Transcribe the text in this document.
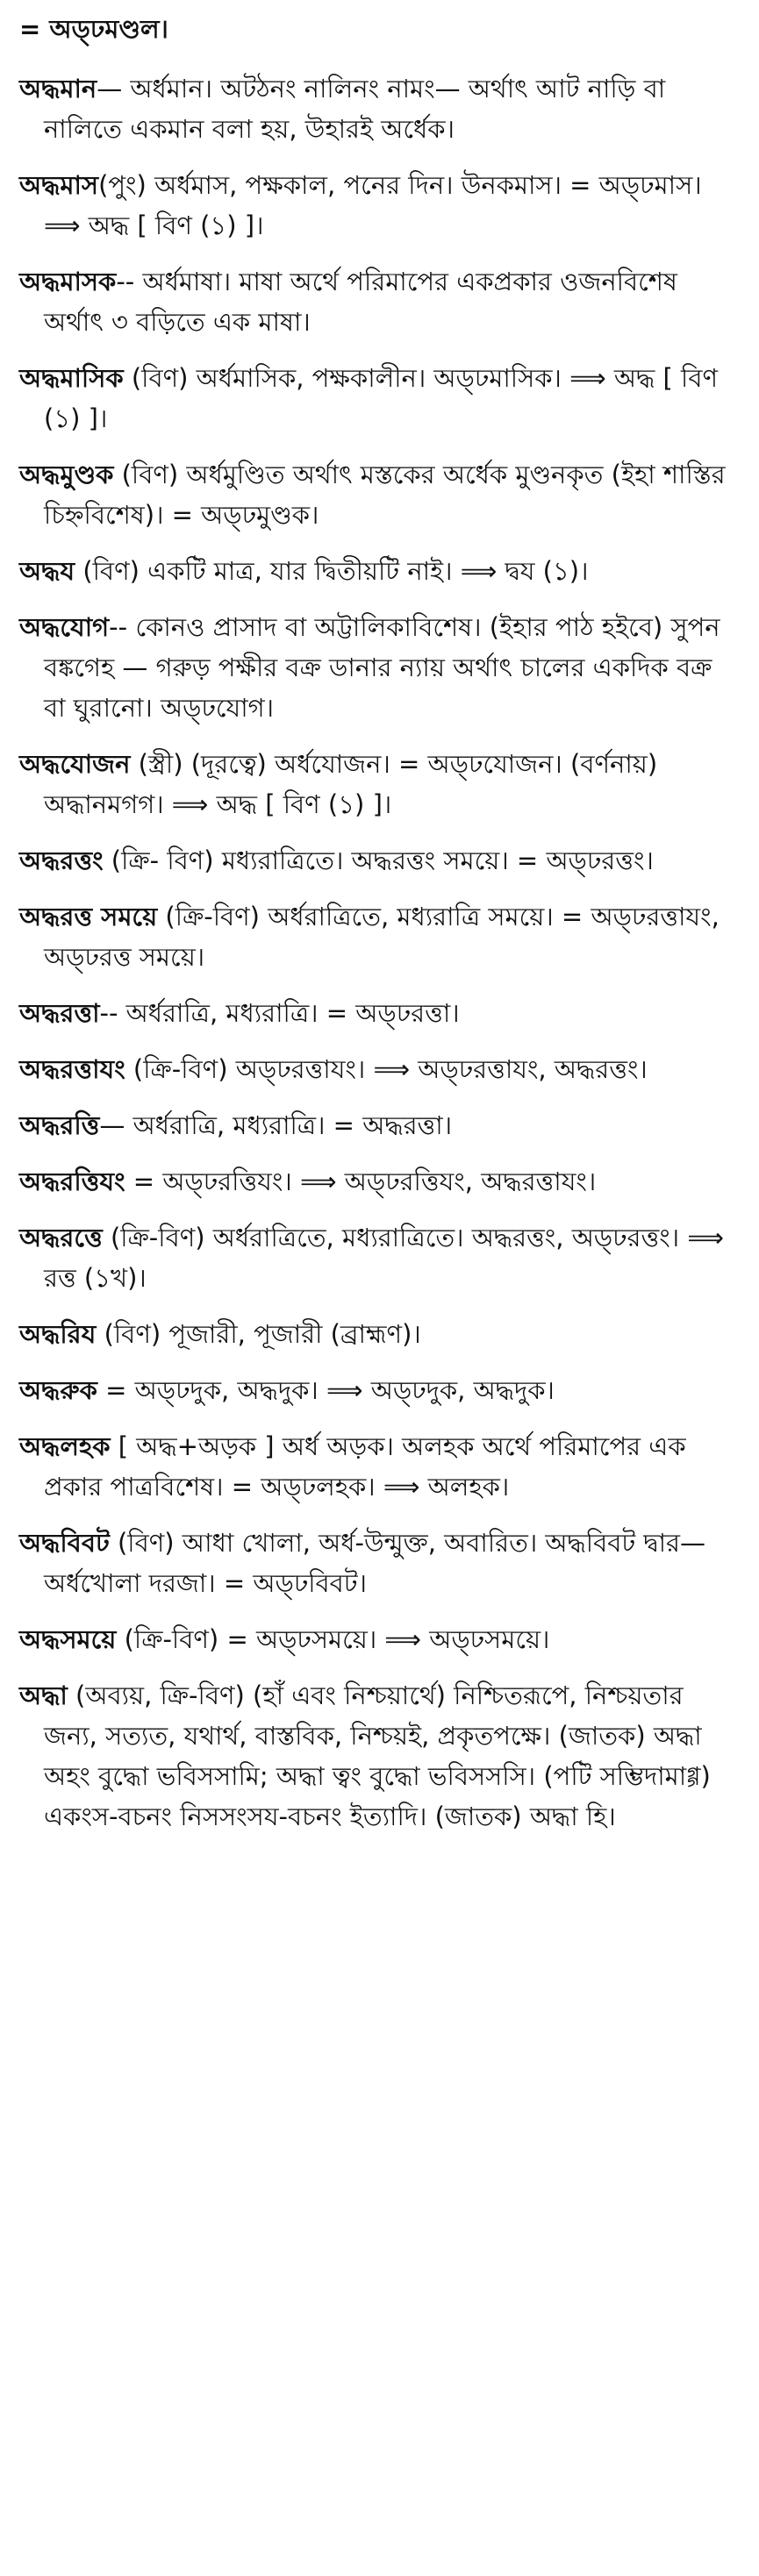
= অড্‌ঢমণ্ডল।

অদ্ধমান— অর্ধমান। অটঠনং নালিনং নামং— অর্থাৎ আট নাড়ি বা নালিতে একমান বলা হয়, উহারই অর্ধেক।

অদ্ধমাস(পুং) অর্ধমাস, পক্ষকাল, পনের দিন। উনকমাস। = অড্‌ঢমাস। ⟹ অদ্ধ [ বিণ (১) ]।

অদ্ধমাসক-- অর্ধমাষা। মাষা অর্থে পরিমাপের একপ্রকার ওজনবিশেষ অর্থাৎ ৩ বড়িতে এক মাষা।

অদ্ধমাসিক (বিণ) অর্ধমাসিক, পক্ষকালীন। অড্‌ঢমাসিক। ⟹ অদ্ধ [ বিণ (১) ]।

অদ্ধমুণ্ডক (বিণ) অর্ধমুণ্ডিত অর্থাৎ মস্তকের অর্ধেক মুণ্ডনকৃত (ইহা শাস্তির চিহ্নবিশেষ)। = অড্‌ঢমুণ্ডক।

অদ্ধয (বিণ) একটি মাত্র, যার দ্বিতীয়টি নাই। ⟹ দ্বয (১)।

অদ্ধযোগ-- কোনও প্রাসাদ বা অট্টালিকাবিশেষ। (ইহার পাঠ হইবে) সুপন বঙ্কগেহ — গরুড় পক্ষীর বক্র ডানার ন্যায় অর্থাৎ চালের একদিক বক্র বা ঘুরানো। অড্‌ঢযোগ।

অদ্ধযোজন (স্ত্রী) (দূরত্বে) অর্ধযোজন। = অড্‌ঢযোজন। (বর্ণনায়) অদ্ধানমগগ। ⟹ অদ্ধ [ বিণ (১) ]।

অদ্ধরত্তং (ক্রি- বিণ) মধ্যরাত্রিতে। অদ্ধরত্তং সময়ে। = অড্‌ঢরত্তং।

অদ্ধরত্ত সময়ে (ক্রি-বিণ) অর্ধরাত্রিতে, মধ্যরাত্রি সময়ে। = অড্‌ঢরত্তাযং, অড্‌ঢরত্ত সময়ে।

অদ্ধরত্তা-- অর্ধরাত্রি, মধ্যরাত্রি। = অড্‌ঢরত্তা।

অদ্ধরত্তাযং (ক্রি-বিণ) অড্‌ঢরত্তাযং। ⟹ অড্‌ঢরত্তাযং, অদ্ধরত্তং।

অদ্ধরত্তি— অর্ধরাত্রি, মধ্যরাত্রি। = অদ্ধরত্তা।

অদ্ধরত্তিযং = অড্‌ঢরত্তিযং। ⟹ অড্‌ঢরত্তিযং, অদ্ধরত্তাযং।

অদ্ধরত্তে (ক্রি-বিণ) অর্ধরাত্রিতে, মধ্যরাত্রিতে। অদ্ধরত্তং, অড্‌ঢরত্তং। ⟹ রত্ত (১খ)।

অদ্ধরিয (বিণ) পূজারী, পূজারী (ব্রাহ্মণ)।

অদ্ধরুক = অড্‌ঢদুক, অদ্ধদুক। ⟹ অড্‌ঢদুক, অদ্ধদুক।

অদ্ধলহক [ অদ্ধ+অড়ক ] অর্ধ অড়ক। অলহক অর্থে পরিমাপের এক প্রকার পাত্রবিশেষ। = অড্‌ঢলহক। ⟹ অলহক।

অদ্ধবিবট (বিণ) আধা খোলা, অর্ধ-উন্মুক্ত, অবারিত। অদ্ধবিবট দ্বার— অর্ধখোলা দরজা। = অড্‌ঢবিবট।

অদ্ধসময়ে (ক্রি-বিণ) = অড্‌ঢসময়ে। ⟹ অড্‌ঢসময়ে।

অদ্ধা (অব্যয়, ক্রি-বিণ) (হাঁ এবং নিশ্চয়ার্থে) নিশ্চিতরূপে, নিশ্চয়তার জন্য, সত্যত, যথার্থ, বাস্তবিক, নিশ্চয়ই, প্রকৃতপক্ষে। (জাতক) অদ্ধা অহং বুদ্ধো ভবিসসামি; অদ্ধা ত্বং বুদ্ধো ভবিসসসি। (পটি সম্ভিদামাগ্গ) একংস-বচনং নিসসংসয-বচনং ইত্যাদি। (জাতক) অদ্ধা হি।
